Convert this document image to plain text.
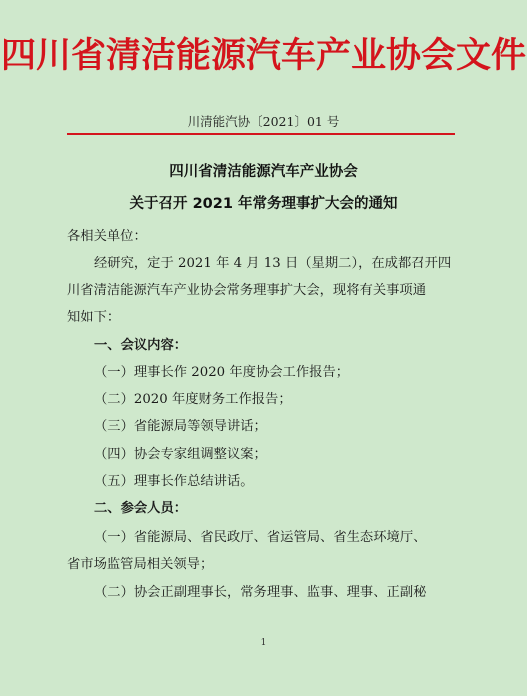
四川省清洁能源汽车产业协会文件
川清能汽协〔2021〕01 号
四川省清洁能源汽车产业协会
关于召开 2021 年常务理事扩大会的通知
各相关单位：
经研究，定于 2021 年 4 月 13 日（星期二），在成都召开四
川省清洁能源汽车产业协会常务理事扩大会，现将有关事项通
知如下：
一、会议内容：
（一）理事长作 2020 年度协会工作报告；
（二）2020 年度财务工作报告；
（三）省能源局等领导讲话；
（四）协会专家组调整议案；
（五）理事长作总结讲话。
二、参会人员：
（一）省能源局、省民政厅、省运管局、省生态环境厅、
省市场监管局相关领导；
（二）协会正副理事长，常务理事、监事、理事、正副秘
1
